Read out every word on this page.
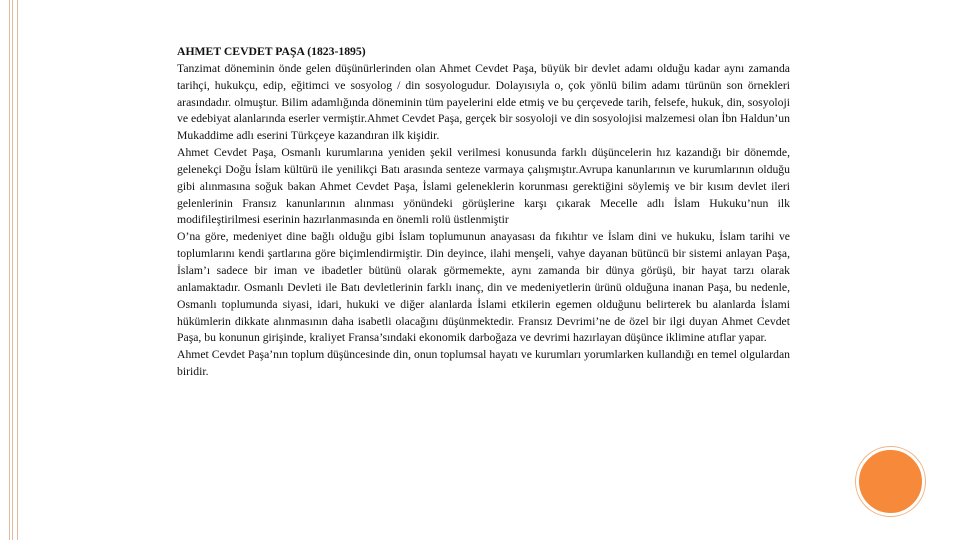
AHMET CEVDET PAŞA (1823-1895)

Tanzimat döneminin önde gelen düşünürlerinden olan Ahmet Cevdet Paşa, büyük bir devlet adamı olduğu kadar aynı zamanda tarihçi, hukukçu, edip, eğitimci ve sosyolog / din sosyologudur. Dolayısıyla o, çok yönlü bilim adamı türünün son örnekleri arasındadır. olmuştur. Bilim adamlığında döneminin tüm payelerini elde etmiş ve bu çerçevede tarih, felsefe, hukuk, din, sosyoloji ve edebiyat alanlarında eserler vermiştir.Ahmet Cevdet Paşa, gerçek bir sosyoloji ve din sosyolojisi malzemesi olan İbn Haldun’un Mukaddime adlı eserini Türkçeye kazandıran ilk kişidir.

Ahmet Cevdet Paşa, Osmanlı kurumlarına yeniden şekil verilmesi konusunda farklı düşüncelerin hız kazandığı bir dönemde, gelenekçi Doğu İslam kültürü ile yenilikçi Batı arasında senteze varmaya çalışmıştır.Avrupa kanunlarının ve kurumlarının olduğu gibi alınmasına soğuk bakan Ahmet Cevdet Paşa, İslami geleneklerin korunması gerektiğini söylemiş ve bir kısım devlet ileri gelenlerinin Fransız kanunlarının alınması yönündeki görüşlerine karşı çıkarak Mecelle adlı İslam Hukuku’nun ilk modifileştirilmesi eserinin hazırlanmasında en önemli rolü üstlenmiştir

O’na göre, medeniyet dine bağlı olduğu gibi İslam toplumunun anayasası da fıkıhtır ve İslam dini ve hukuku, İslam tarihi ve toplumlarını kendi şartlarına göre biçimlendirmiştir. Din deyince, ilahi menşeli, vahye dayanan bütüncü bir sistemi anlayan Paşa, İslam’ı sadece bir iman ve ibadetler bütünü olarak görmemekte, aynı zamanda bir dünya görüşü, bir hayat tarzı olarak anlamaktadır. Osmanlı Devleti ile Batı devletlerinin farklı inanç, din ve medeniyetlerin ürünü olduğuna inanan Paşa, bu nedenle, Osmanlı toplumunda siyasi, idari, hukuki ve diğer alanlarda İslami etkilerin egemen olduğunu belirterek bu alanlarda İslami hükümlerin dikkate alınmasının daha isabetli olacağını düşünmektedir. Fransız Devrimi’ne de özel bir ilgi duyan Ahmet Cevdet Paşa, bu konunun girişinde, kraliyet Fransa’sındaki ekonomik darboğaza ve devrimi hazırlayan düşünce iklimine atıflar yapar.

Ahmet Cevdet Paşa’nın toplum düşüncesinde din, onun toplumsal hayatı ve kurumları yorumlarken kullandığı en temel olgulardan biridir.
